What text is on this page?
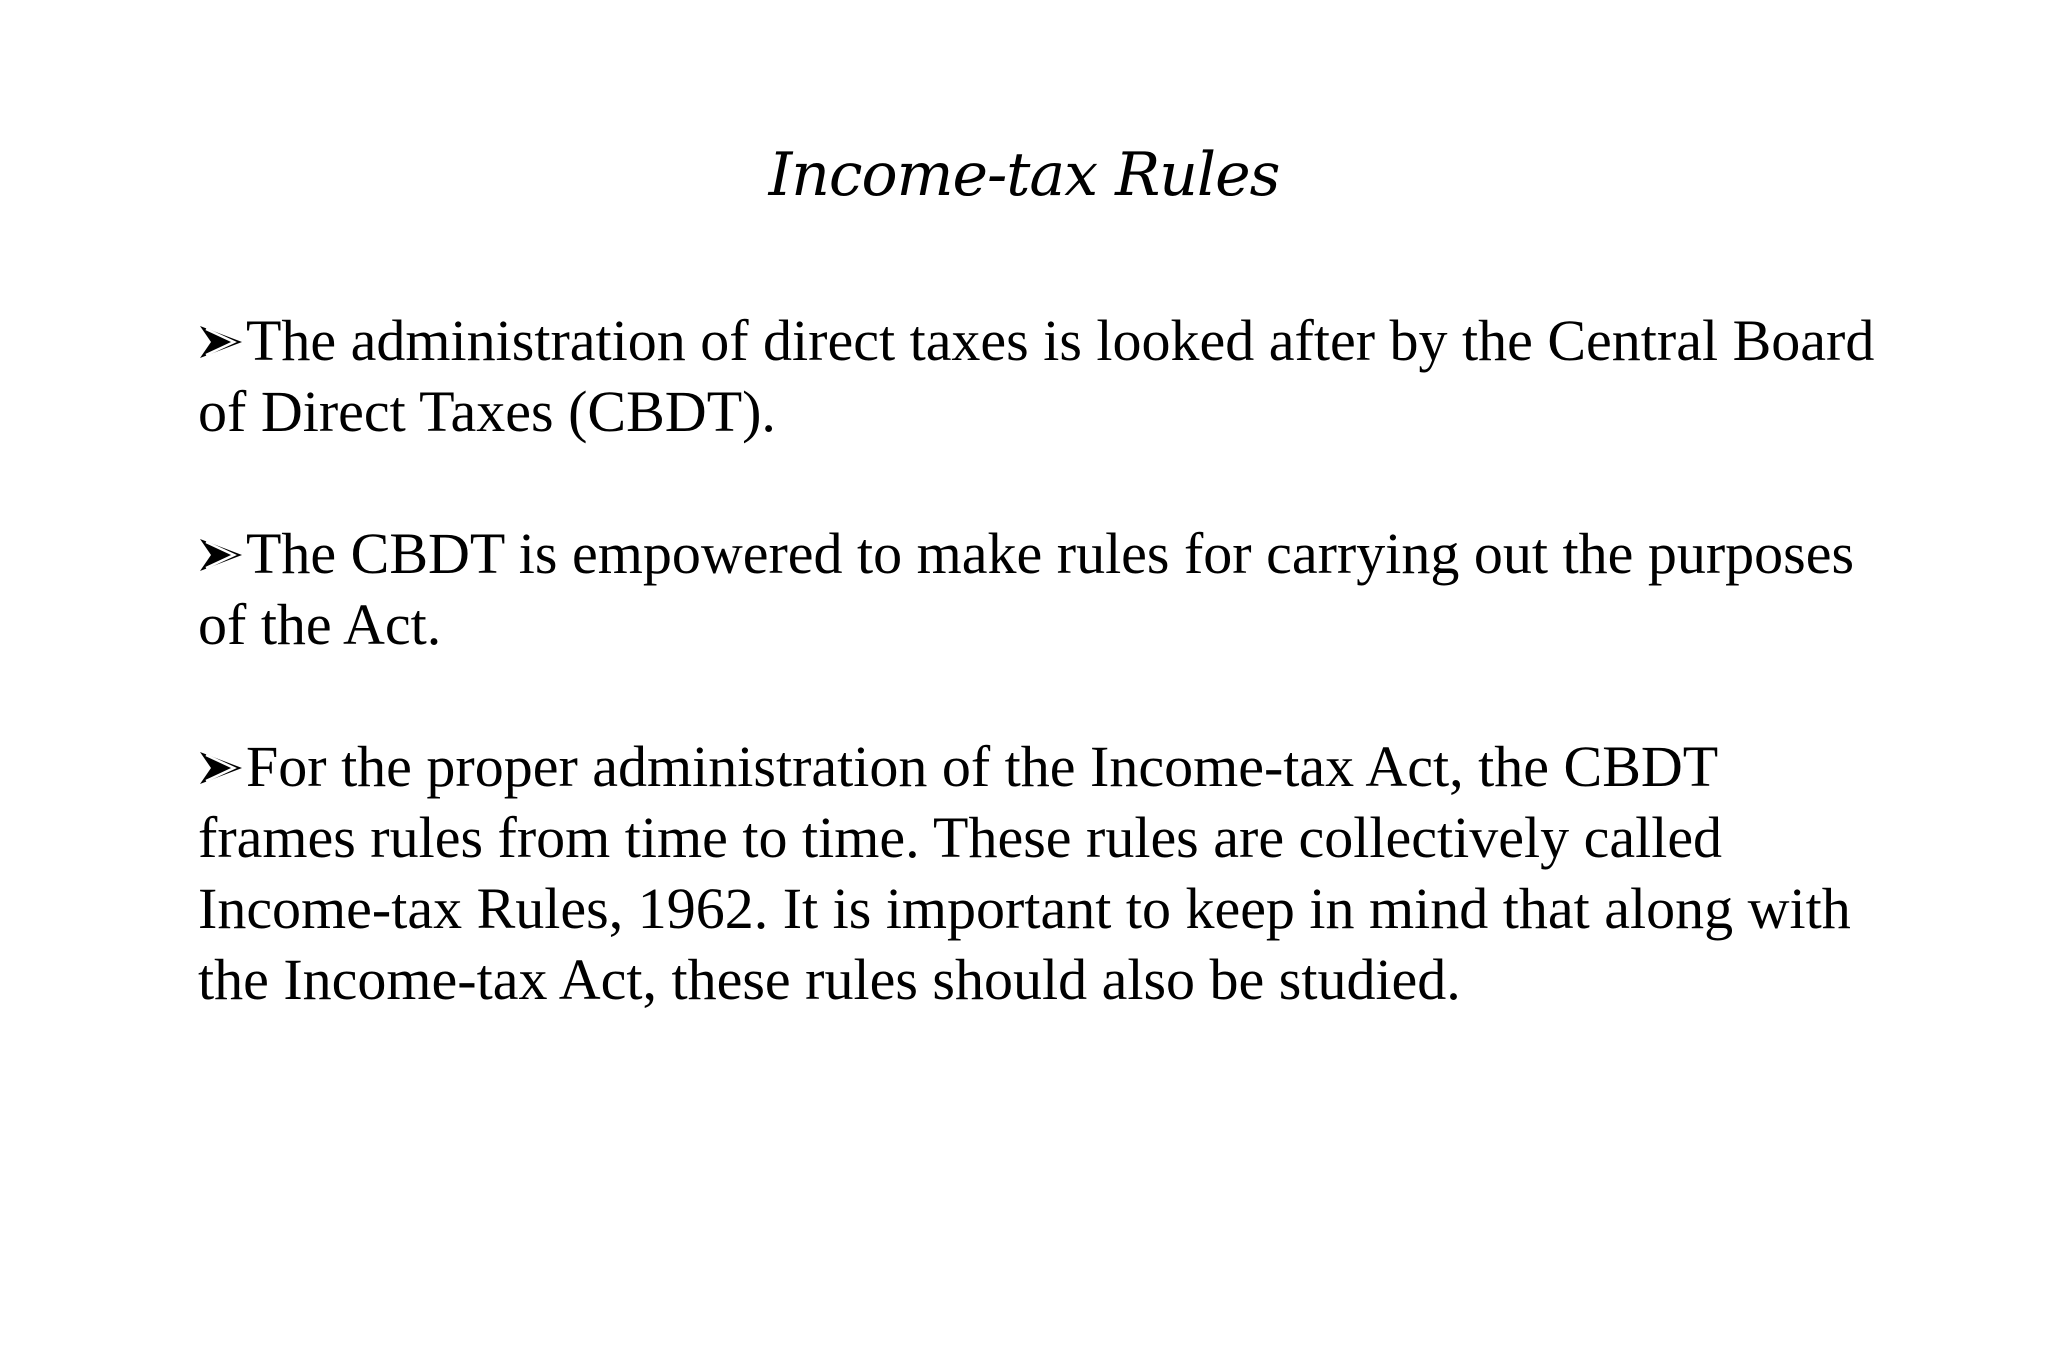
Income-tax Rules
The administration of direct taxes is looked after by the Central Board of Direct Taxes (CBDT).
The CBDT is empowered to make rules for carrying out the purposes of the Act.
For the proper administration of the Income-tax Act, the CBDT frames rules from time to time. These rules are collectively called Income-tax Rules, 1962. It is important to keep in mind that along with the Income-tax Act, these rules should also be studied.
